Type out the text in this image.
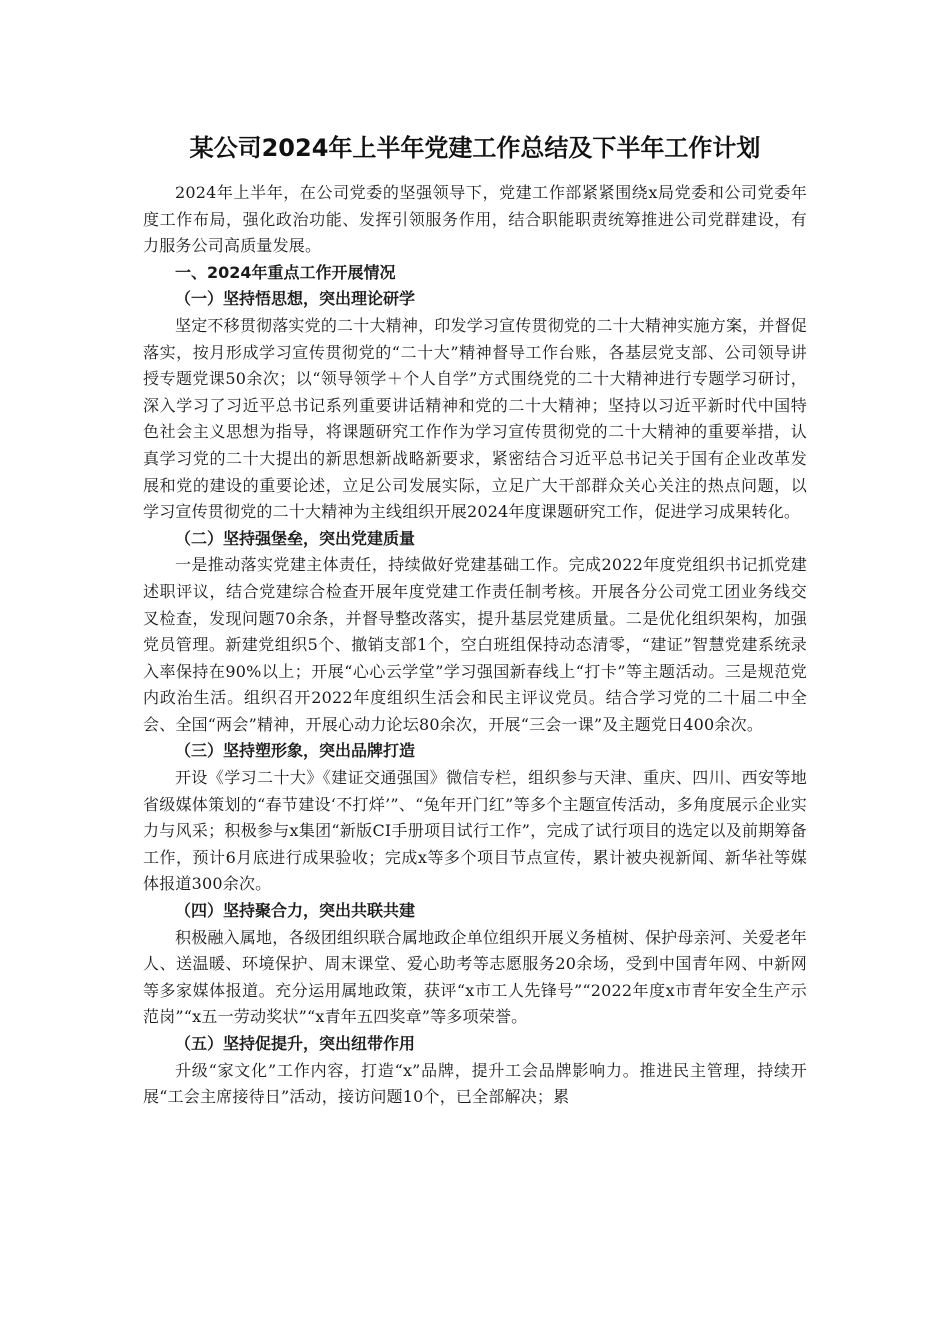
某公司2024年上半年党建工作总结及下半年工作计划

2024年上半年，在公司党委的坚强领导下，党建工作部紧紧围绕x局党委和公司党委年度工作布局，强化政治功能、发挥引领服务作用，结合职能职责统筹推进公司党群建设，有力服务公司高质量发展。

一、2024年重点工作开展情况

（一）坚持悟思想，突出理论研学

坚定不移贯彻落实党的二十大精神，印发学习宣传贯彻党的二十大精神实施方案，并督促落实，按月形成学习宣传贯彻党的“二十大”精神督导工作台账，各基层党支部、公司领导讲授专题党课50余次；以“领导领学＋个人自学”方式围绕党的二十大精神进行专题学习研讨，深入学习了习近平总书记系列重要讲话精神和党的二十大精神；坚持以习近平新时代中国特色社会主义思想为指导，将课题研究工作作为学习宣传贯彻党的二十大精神的重要举措，认真学习党的二十大提出的新思想新战略新要求，紧密结合习近平总书记关于国有企业改革发展和党的建设的重要论述，立足公司发展实际，立足广大干部群众关心关注的热点问题，以学习宣传贯彻党的二十大精神为主线组织开展2024年度课题研究工作，促进学习成果转化。

（二）坚持强堡垒，突出党建质量

一是推动落实党建主体责任，持续做好党建基础工作。完成2022年度党组织书记抓党建述职评议，结合党建综合检查开展年度党建工作责任制考核。开展各分公司党工团业务线交叉检查，发现问题70余条，并督导整改落实，提升基层党建质量。二是优化组织架构，加强党员管理。新建党组织5个、撤销支部1个，空白班组保持动态清零，“建证”智慧党建系统录入率保持在90%以上；开展“心心云学堂”学习强国新春线上“打卡”等主题活动。三是规范党内政治生活。组织召开2022年度组织生活会和民主评议党员。结合学习党的二十届二中全会、全国“两会”精神，开展心动力论坛80余次，开展“三会一课”及主题党日400余次。

（三）坚持塑形象，突出品牌打造

开设《学习二十大》《建证交通强国》微信专栏，组织参与天津、重庆、四川、西安等地省级媒体策划的“春节建设‘不打烊’”、“兔年开门红”等多个主题宣传活动，多角度展示企业实力与风采；积极参与x集团“新版CI手册项目试行工作”，完成了试行项目的选定以及前期筹备工作，预计6月底进行成果验收；完成x等多个项目节点宣传，累计被央视新闻、新华社等媒体报道300余次。

（四）坚持聚合力，突出共联共建

积极融入属地，各级团组织联合属地政企单位组织开展义务植树、保护母亲河、关爱老年人、送温暖、环境保护、周末课堂、爱心助考等志愿服务20余场，受到中国青年网、中新网等多家媒体报道。充分运用属地政策，获评“x市工人先锋号”“2022年度x市青年安全生产示范岗”“x五一劳动奖状”“x青年五四奖章”等多项荣誉。

（五）坚持促提升，突出纽带作用

升级“家文化”工作内容，打造“x”品牌，提升工会品牌影响力。推进民主管理，持续开展“工会主席接待日”活动，接访问题10个，已全部解决；累
